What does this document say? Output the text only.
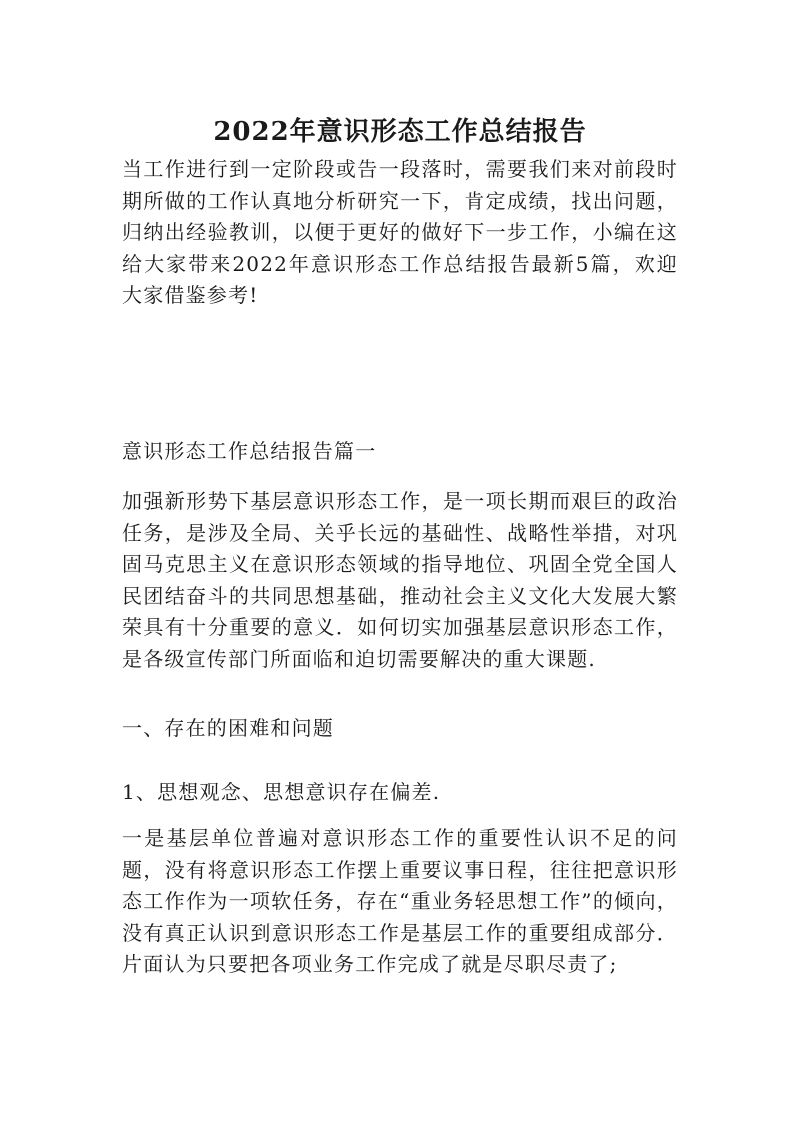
2022年意识形态工作总结报告

当工作进行到一定阶段或告一段落时，需要我们来对前段时期所做的工作认真地分析研究一下，肯定成绩，找出问题，归纳出经验教训，以便于更好的做好下一步工作，小编在这给大家带来2022年意识形态工作总结报告最新5篇，欢迎大家借鉴参考!

意识形态工作总结报告篇一

加强新形势下基层意识形态工作，是一项长期而艰巨的政治任务，是涉及全局、关乎长远的基础性、战略性举措，对巩固马克思主义在意识形态领域的指导地位、巩固全党全国人民团结奋斗的共同思想基础，推动社会主义文化大发展大繁荣具有十分重要的意义．如何切实加强基层意识形态工作，是各级宣传部门所面临和迫切需要解决的重大课题.

一、存在的困难和问题

1、思想观念、思想意识存在偏差.

一是基层单位普遍对意识形态工作的重要性认识不足的问题，没有将意识形态工作摆上重要议事日程，往往把意识形态工作作为一项软任务，存在“重业务轻思想工作”的倾向，没有真正认识到意识形态工作是基层工作的重要组成部分．片面认为只要把各项业务工作完成了就是尽职尽责了;
